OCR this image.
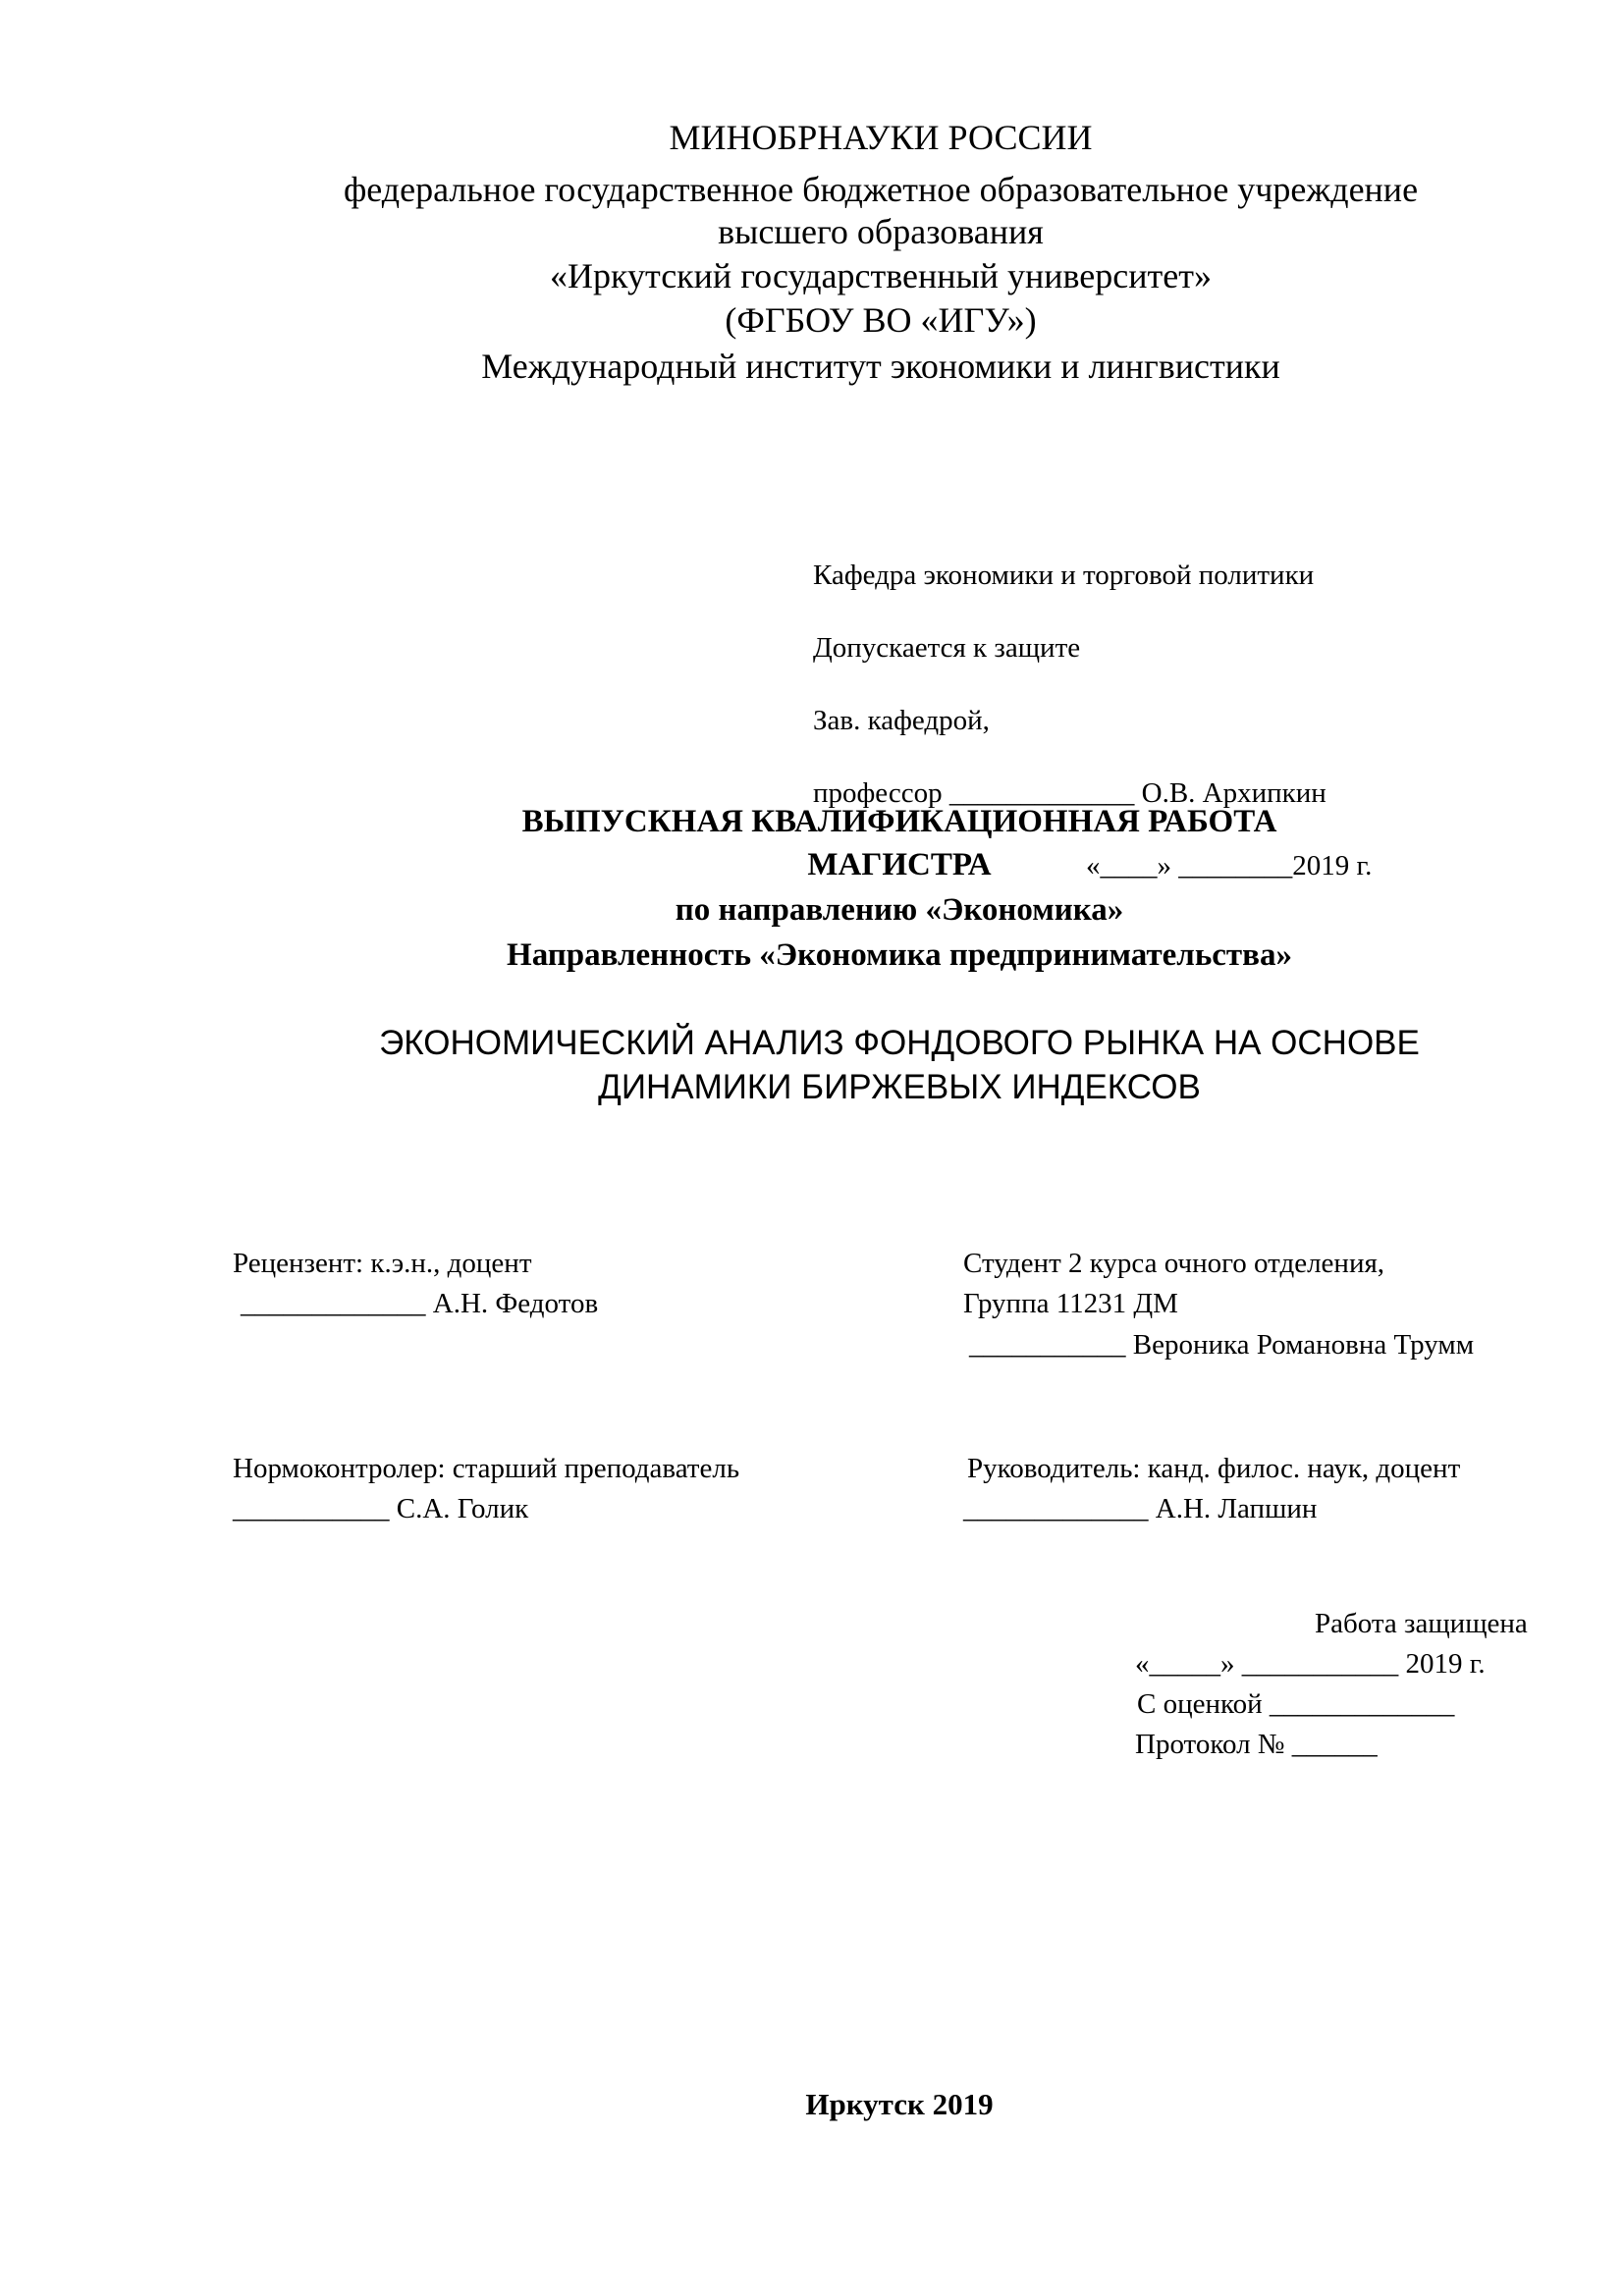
МИНОБРНАУКИ РОССИИ
федеральное государственное бюджетное образовательное учреждение
высшего образования
«Иркутский государственный университет»
(ФГБОУ ВО «ИГУ»)
Международный институт экономики и лингвистики

Кафедра экономики и торговой политики

Допускается к защите

Зав. кафедрой,

профессор _____________ О.В. Архипкин

«____» ________2019 г.

ВЫПУСКНАЯ КВАЛИФИКАЦИОННАЯ РАБОТА
МАГИСТРА
по направлению «Экономика»
Направленность «Экономика предпринимательства»
ЭКОНОМИЧЕСКИЙ АНАЛИЗ ФОНДОВОГО РЫНКА НА ОСНОВЕ
ДИНАМИКИ БИРЖЕВЫХ ИНДЕКСОВ
Рецензент: к.э.н., доцент
_____________ А.Н. Федотов
Студент 2 курса очного отделения,
Группа 11231 ДМ
___________ Вероника Романовна Трумм
Нормоконтролер: старший преподаватель
___________ С.А. Голик
Руководитель: канд. филос. наук, доцент
_____________ А.Н. Лапшин
Работа защищена
«_____» ___________ 2019 г.
С оценкой _____________
Протокол № ______
Иркутск 2019
